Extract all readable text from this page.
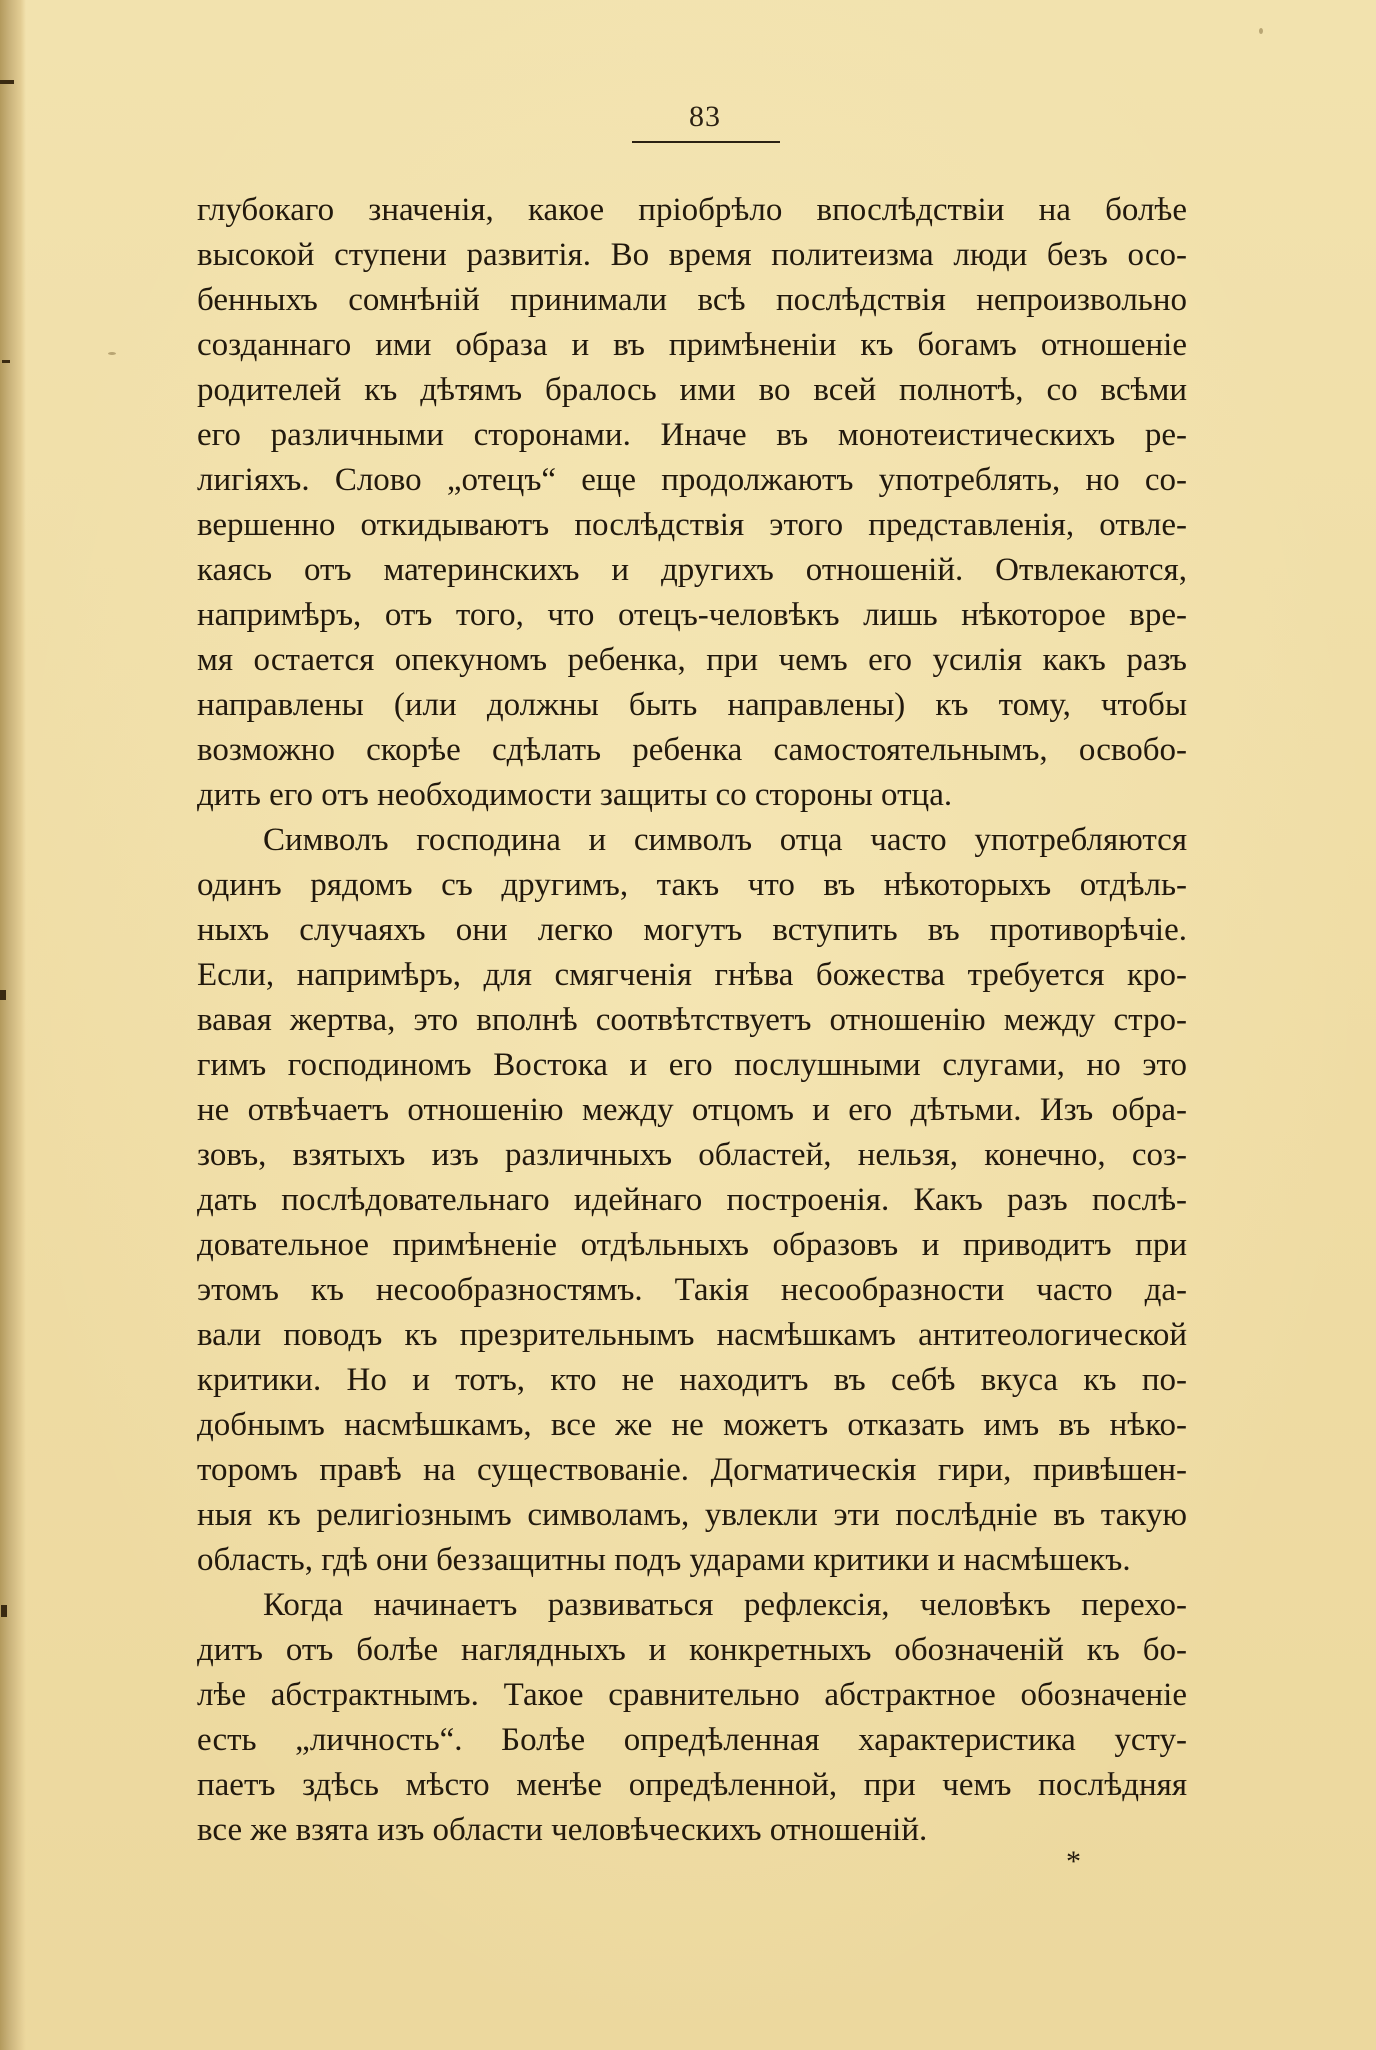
83
глубокаго значенія, какое пріобрѣло впослѣдствіи на болѣе
высокой ступени развитія. Во время политеизма люди безъ осо-
бенныхъ сомнѣній принимали всѣ послѣдствія непроизвольно
созданнаго ими образа и въ примѣненіи къ богамъ отношеніе
родителей къ дѣтямъ бралось ими во всей полнотѣ, со всѣми
его различными сторонами. Иначе въ монотеистическихъ ре-
лигіяхъ. Слово „отецъ“ еще продолжаютъ употреблять, но со-
вершенно откидываютъ послѣдствія этого представленія, отвле-
каясь отъ материнскихъ и другихъ отношеній. Отвлекаются,
напримѣръ, отъ того, что отецъ-человѣкъ лишь нѣкоторое вре-
мя остается опекуномъ ребенка, при чемъ его усилія какъ разъ
направлены (или должны быть направлены) къ тому, чтобы
возможно скорѣе сдѣлать ребенка самостоятельнымъ, освобо-
дить его отъ необходимости защиты со стороны отца.
Символъ господина и символъ отца часто употребляются
одинъ рядомъ съ другимъ, такъ что въ нѣкоторыхъ отдѣль-
ныхъ случаяхъ они легко могутъ вступить въ противорѣчіе.
Если, напримѣръ, для смягченія гнѣва божества требуется кро-
вавая жертва, это вполнѣ соотвѣтствуетъ отношенію между стро-
гимъ господиномъ Востока и его послушными слугами, но это
не отвѣчаетъ отношенію между отцомъ и его дѣтьми. Изъ обра-
зовъ, взятыхъ изъ различныхъ областей, нельзя, конечно, соз-
дать послѣдовательнаго идейнаго построенія. Какъ разъ послѣ-
довательное примѣненіе отдѣльныхъ образовъ и приводитъ при
этомъ къ несообразностямъ. Такія несообразности часто да-
вали поводъ къ презрительнымъ насмѣшкамъ антитеологической
критики. Но и тотъ, кто не находитъ въ себѣ вкуса къ по-
добнымъ насмѣшкамъ, все же не можетъ отказать имъ въ нѣко-
торомъ правѣ на существованіе. Догматическія гири, привѣшен-
ныя къ религіознымъ символамъ, увлекли эти послѣдніе въ такую
область, гдѣ они беззащитны подъ ударами критики и насмѣшекъ.
Когда начинаетъ развиваться рефлексія, человѣкъ перехо-
дитъ отъ болѣе наглядныхъ и конкретныхъ обозначеній къ бо-
лѣе абстрактнымъ. Такое сравнительно абстрактное обозначеніе
есть „личность“. Болѣе опредѣленная характеристика усту-
паетъ здѣсь мѣсто менѣе опредѣленной, при чемъ послѣдняя
все же взята изъ области человѣческихъ отношеній.
*
